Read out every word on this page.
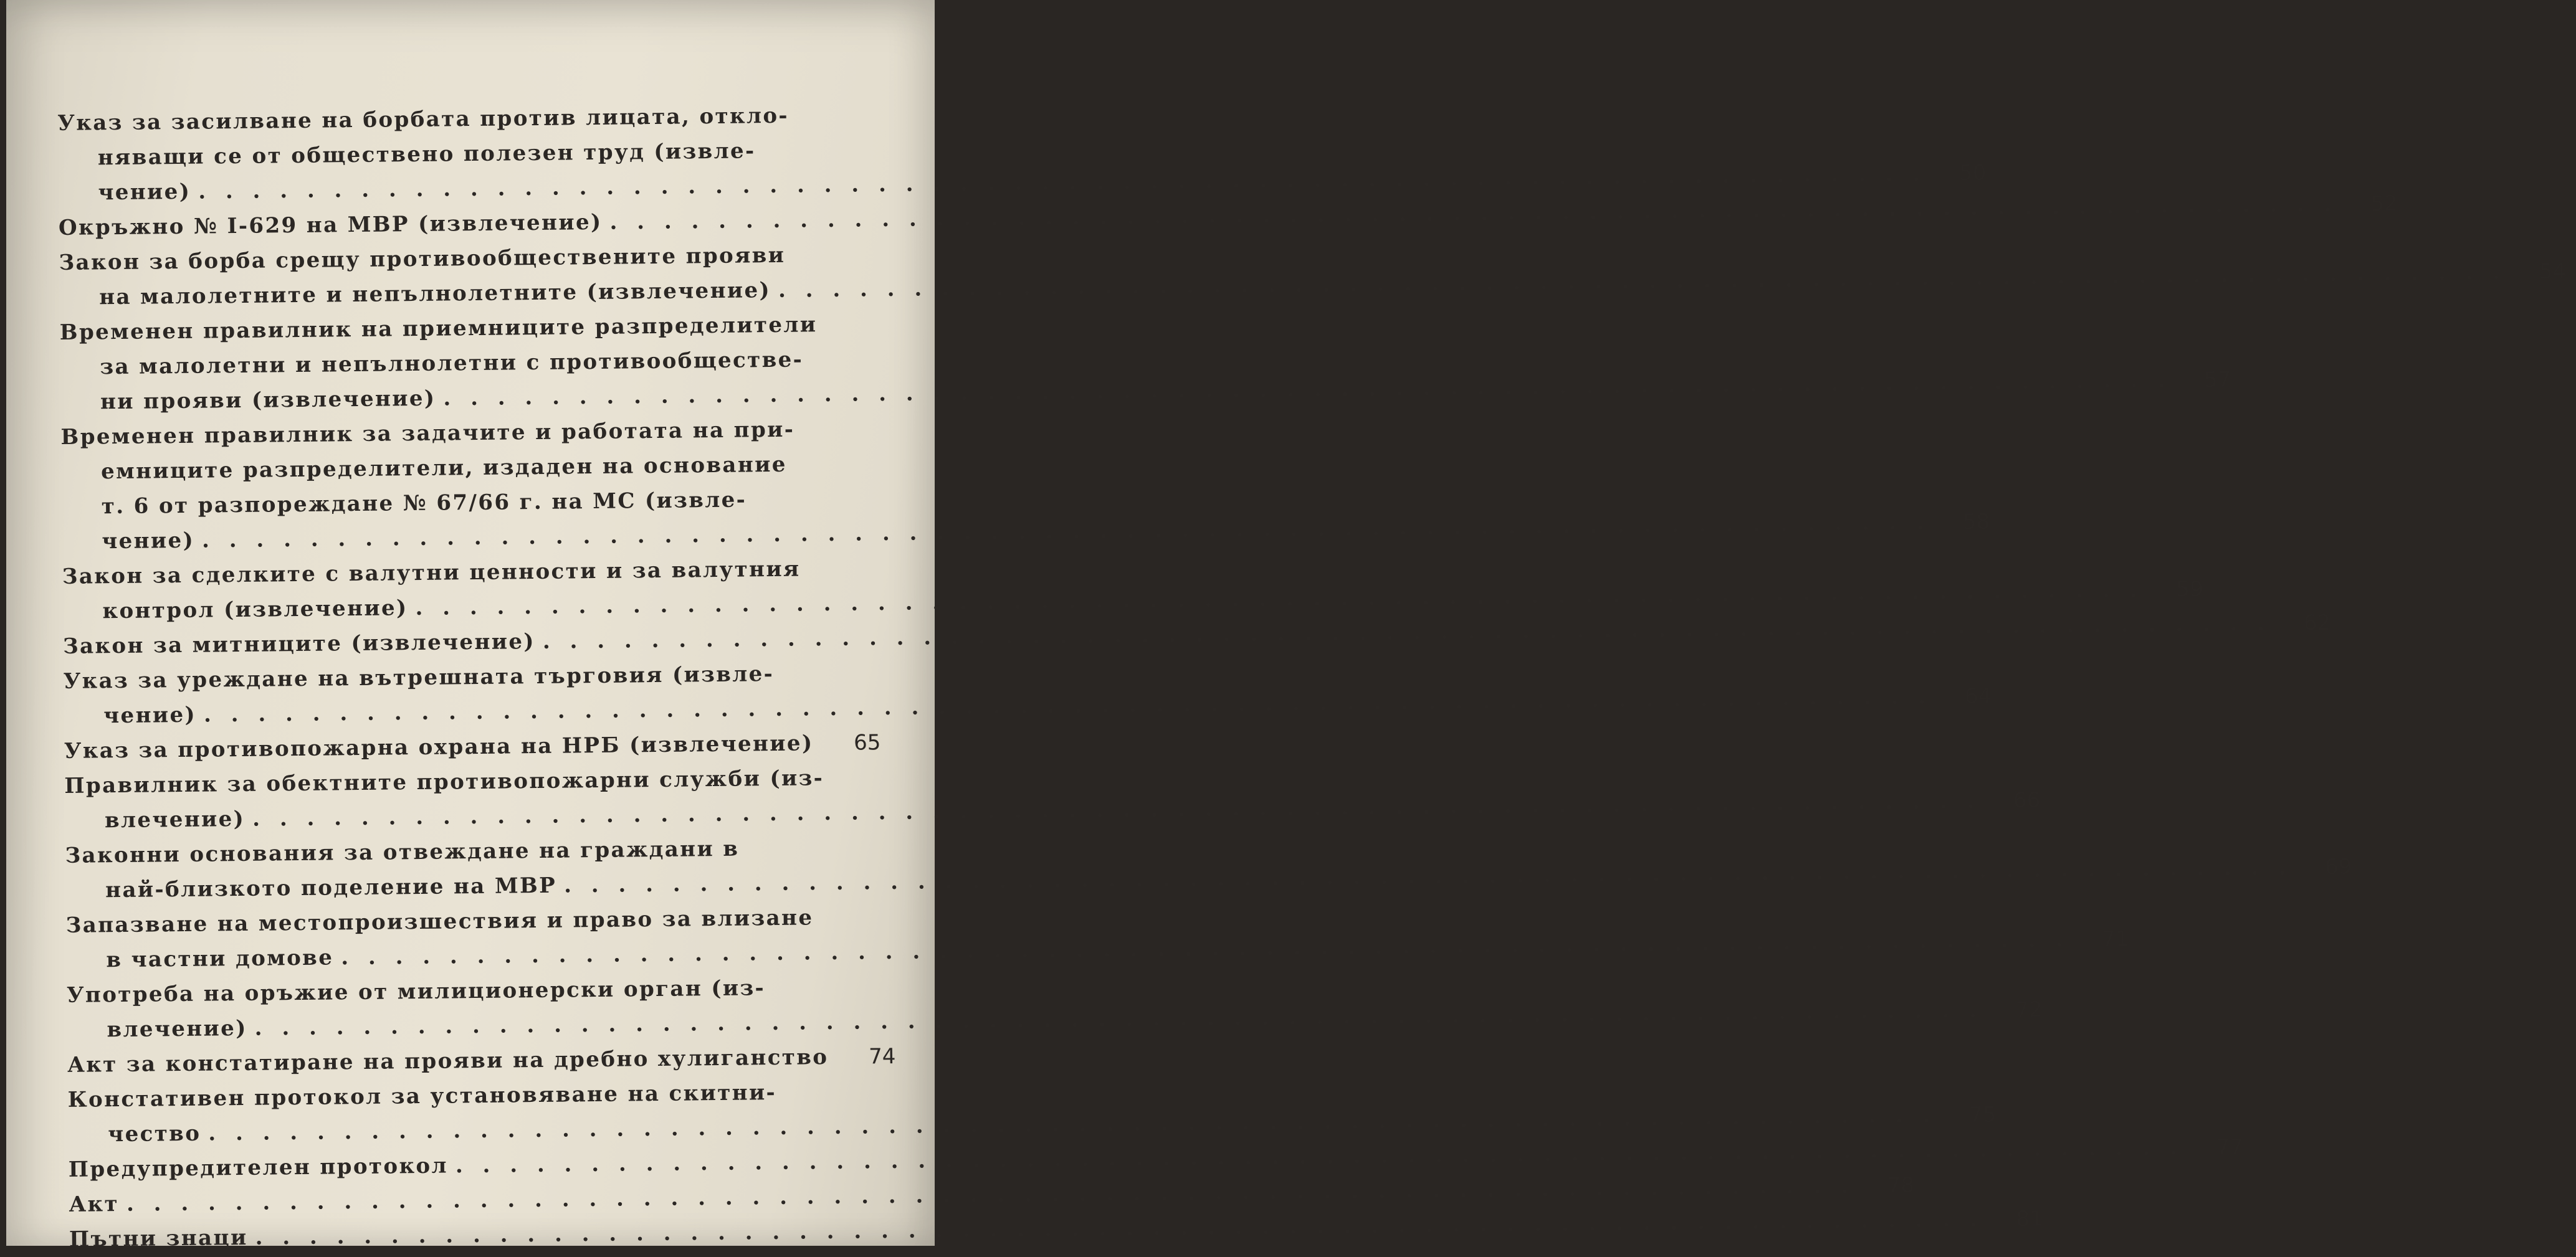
Указ за засилване на борбата против лицата, откло-
няващи се от обществено полезен труд (извле-
чение)
. . .
50
Окръжно № I-629 на МВР (извлечение)
. . .
52
Закон за борба срещу противообществените прояви
на малолетните и непълнолетните (извлечение)
. . .
54
Временен правилник на приемниците разпределители
за малолетни и непълнолетни с противообществе-
ни прояви (извлечение)
. . .
57
Временен правилник за задачите и работата на при-
емниците разпределители, издаден на основание
т. 6 от разпореждане № 67/66 г. на МС (извле-
чение)
. . .
58
Закон за сделките с валутни ценности и за валутния
контрол (извлечение)
. . .
59
Закон за митниците (извлечение)
. . .
62
Указ за уреждане на вътрешната търговия (извле-
чение)
. . .
64
Указ за противопожарна охрана на НРБ (извлечение) . . .	65
Правилник за обектните противопожарни служби (из-
влечение)
. . .
66
Законни основания за отвеждане на граждани в
най-близкото поделение на МВР
. . .
69
Запазване на местопроизшествия и право за влизане
в частни домове
. . .
71
Употреба на оръжие от милиционерски орган (из-
влечение)
. . .
72
Акт за констатиране на прояви на дребно хулиганство . . .	74
Констативен протокол за установяване на скитни-
чество
. . .
75
Предупредителен протокол
. . .
77
Акт
. . .
78
Пътни знаци
. . .
81
